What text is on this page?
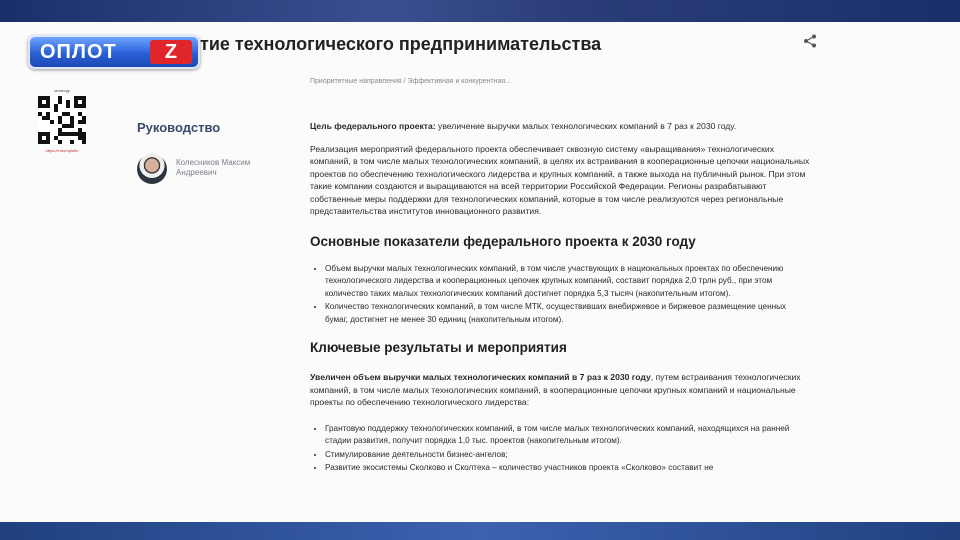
ОПЛОТ	Z	тие технологического предпринимательства
оплот.ру
https://t.me/oplottv
Руководство
Колесников Максим Андреевич
Приоритетные направления / Эффективная и конкурентная...

Цель федерального проекта: увеличение выручки малых технологических компаний в 7 раз к 2030 году.

Реализация мероприятий федерального проекта обеспечивает сквозную систему «выращивания» технологических компаний, в том числе малых технологических компаний, в целях их встраивания в кооперационные цепочки национальных проектов по обеспечению технологического лидерства и крупных компаний, а также выхода на публичный рынок. При этом такие компании создаются и выращиваются на всей территории Российской Федерации. Регионы разрабатывают собственные меры поддержки для технологических компаний, которые в том числе реализуются через региональные представительства институтов инновационного развития.

Основные показатели федерального проекта к 2030 году
• Объем выручки малых технологических компаний, в том числе участвующих в национальных проектах по обеспечению технологического лидерства и кооперационных цепочек крупных компаний, составит порядка 2,0 трлн руб., при этом количество таких малых технологических компаний достигнет порядка 5,3 тысяч (накопительным итогом).
• Количество технологических компаний, в том числе МТК, осуществивших внебиржевое и биржевое размещение ценных бумаг, достигнет не менее 30 единиц (накопительным итогом).
Ключевые результаты и мероприятия

Увеличен объем выручки малых технологических компаний в 7 раз к 2030 году, путем встраивания технологических компаний, в том числе малых технологических компаний, в кооперационные цепочки крупных компаний и национальные проекты по обеспечению технологического лидерства:

• Грантовую поддержку технологических компаний, в том числе малых технологических компаний, находящихся на ранней стадии развития, получит порядка 1,0 тыс. проектов (накопительным итогом).
• Стимулирование деятельности бизнес-ангелов;
• Развитие экосистемы Сколково и Сколтеха – количество участников проекта «Сколково» составит не
